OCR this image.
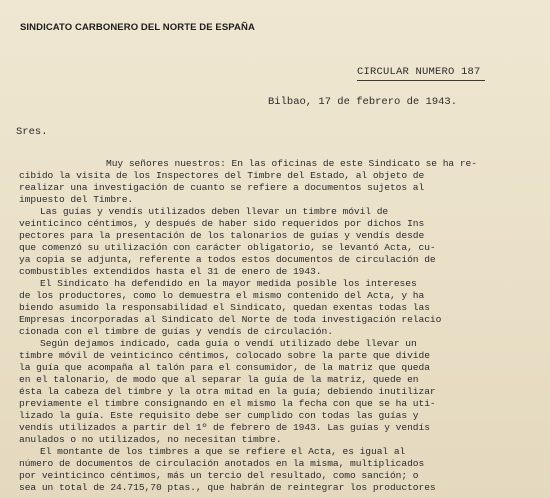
SINDICATO CARBONERO DEL NORTE DE ESPAÑA
CIRCULAR NUMERO 187
Bilbao, 17 de febrero de 1943.
Sres.
Muy señores nuestros: En las oficinas de este Sindicato se ha re-
cibido la visita de los Inspectores del Timbre del Estado, al objeto de
realizar una investigación de cuanto se refiere a documentos sujetos al
impuesto del Timbre.
Las guías y vendís utilizados deben llevar un timbre móvil de
veinticinco céntimos, y después de haber sido requeridos por dichos Ins
pectores para la presentación de los talonarios de guías y vendís desde
que comenzó su utilización con carácter obligatorio, se levantó Acta, cu-
ya copia se adjunta, referente a todos estos documentos de circulación de
combustibles extendidos hasta el 31 de enero de 1943.
El Sindicato ha defendido en la mayor medida posible los intereses
de los productores, como lo demuestra el mismo contenido del Acta, y ha
biendo asumido la responsabilidad el Sindicato, quedan exentas todas las
Empresas incorporadas al Sindicato del Norte de toda investigación relacio
cionada con el timbre de guías y vendís de circulación.
Según dejamos indicado, cada guía o vendí utilizado debe llevar un
timbre móvil de veinticinco céntimos, colocado sobre la parte que divide
la guía que acompaña al talón para el consumidor, de la matriz que queda
en el talonario, de modo que al separar la guía de la matriz, quede en
ésta la cabeza del timbre y la otra mitad en la guía; debiendo inutilizar
previamente el timbre consignando en el mismo la fecha con que se ha uti-
lizado la guía. Este requisito debe ser cumplido con todas las guías y
vendís utilizados a partir del 1º de febrero de 1943. Las guías y vendís
anulados o no utilizados, no necesitan timbre.
El montante de los timbres a que se refiere el Acta, es igual al
número de documentos de circulación anotados en la misma, multiplicados
por veinticinco céntimos, más un tercio del resultado, como sanción; o
sea un total de 24.715,70 ptas., que habrán de reintegrar los productores
